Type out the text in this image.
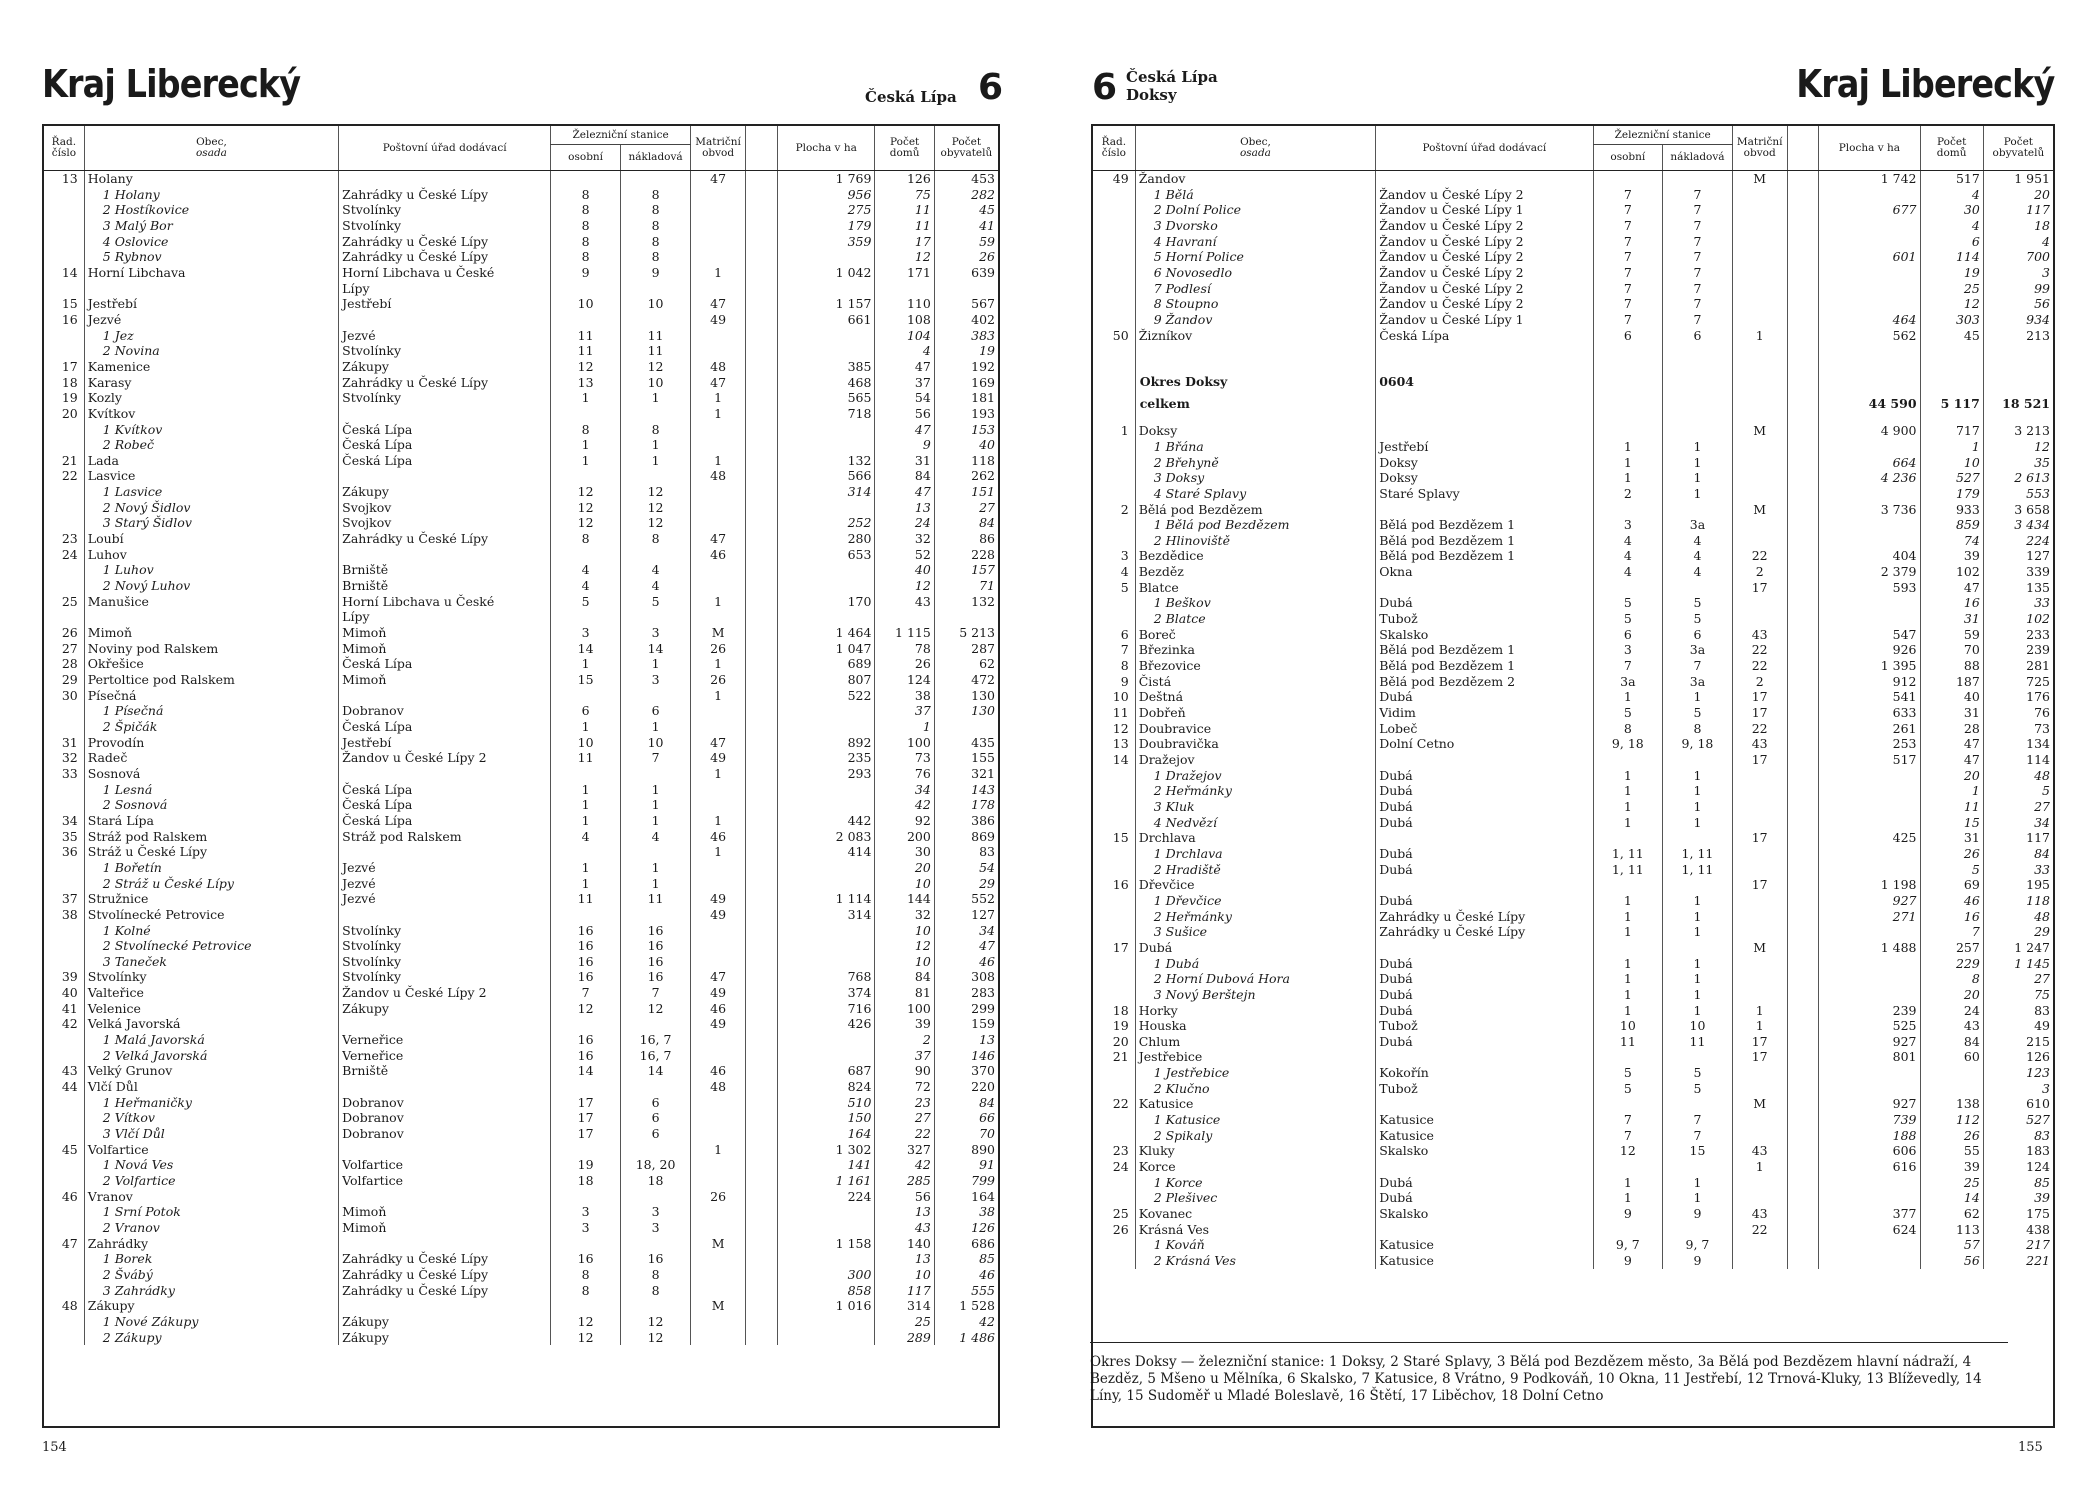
Kraj Liberecký	Česká Lípa 6
Řad. číslo	Obec,
osada	Poštovní úřad dodávací	Železniční stanice		Matriční obvod		Plocha v ha	Počet domů	Počet obyvatelů
			osobní	nákladová					
13	Holany				47		1 769	126	453
	1 Holany	Zahrádky u České Lípy	8	8			956	75	282
	2 Hostíkovice	Stvolínky	8	8			275	11	45
	3 Malý Bor	Stvolínky	8	8			179	11	41
	4 Oslovice	Zahrádky u České Lípy	8	8			359	17	59
	5 Rybnov	Zahrádky u České Lípy	8	8				12	26
14	Horní Libchava	Horní Libchava u České	9	9	1		1 042	171	639
		Lípy							
15	Jestřebí	Jestřebí	10	10	47		1 157	110	567
16	Jezvé				49		661	108	402
	1 Jez	Jezvé	11	11				104	383
	2 Novina	Stvolínky	11	11				4	19
17	Kamenice	Zákupy	12	12	48		385	47	192
18	Karasy	Zahrádky u České Lípy	13	10	47		468	37	169
19	Kozly	Stvolínky	1	1	1		565	54	181
20	Kvítkov				1		718	56	193
	1 Kvítkov	Česká Lípa	8	8				47	153
	2 Robeč	Česká Lípa	1	1				9	40
21	Lada	Česká Lípa	1	1	1		132	31	118
22	Lasvice				48		566	84	262
	1 Lasvice	Zákupy	12	12			314	47	151
	2 Nový Šidlov	Svojkov	12	12				13	27
	3 Starý Šidlov	Svojkov	12	12			252	24	84
23	Loubí	Zahrádky u České Lípy	8	8	47		280	32	86
24	Luhov				46		653	52	228
	1 Luhov	Brniště	4	4				40	157
	2 Nový Luhov	Brniště	4	4				12	71
25	Manušice	Horní Libchava u České	5	5	1		170	43	132
		Lípy							
26	Mimoň	Mimoň	3	3	M		1 464	1 115	5 213
27	Noviny pod Ralskem	Mimoň	14	14	26		1 047	78	287
28	Okřešice	Česká Lípa	1	1	1		689	26	62
29	Pertoltice pod Ralskem	Mimoň	15	3	26		807	124	472
30	Písečná				1		522	38	130
	1 Písečná	Dobranov	6	6				37	130
	2 Špičák	Česká Lípa	1	1				1	
31	Provodín	Jestřebí	10	10	47		892	100	435
32	Radeč	Žandov u České Lípy 2	11	7	49		235	73	155
33	Sosnová				1		293	76	321
	1 Lesná	Česká Lípa	1	1				34	143
	2 Sosnová	Česká Lípa	1	1				42	178
34	Stará Lípa	Česká Lípa	1	1	1		442	92	386
35	Stráž pod Ralskem	Stráž pod Ralskem	4	4	46		2 083	200	869
36	Stráž u České Lípy				1		414	30	83
	1 Bořetín	Jezvé	1	1				20	54
	2 Stráž u České Lípy	Jezvé	1	1				10	29
37	Stružnice	Jezvé	11	11	49		1 114	144	552
38	Stvolínecké Petrovice				49		314	32	127
	1 Kolné	Stvolínky	16	16				10	34
	2 Stvolínecké Petrovice	Stvolínky	16	16				12	47
	3 Taneček	Stvolínky	16	16				10	46
39	Stvolínky	Stvolínky	16	16	47		768	84	308
40	Valteřice	Žandov u České Lípy 2	7	7	49		374	81	283
41	Velenice	Zákupy	12	12	46		716	100	299
42	Velká Javorská				49		426	39	159
	1 Malá Javorská	Verneřice	16	16, 7				2	13
	2 Velká Javorská	Verneřice	16	16, 7				37	146
43	Velký Grunov	Brniště	14	14	46		687	90	370
44	Vlčí Důl				48		824	72	220
	1 Heřmaničky	Dobranov	17	6			510	23	84
	2 Vítkov	Dobranov	17	6			150	27	66
	3 Vlčí Důl	Dobranov	17	6			164	22	70
45	Volfartice				1		1 302	327	890
	1 Nová Ves	Volfartice	19	18, 20			141	42	91
	2 Volfartice	Volfartice	18	18			1 161	285	799
46	Vranov				26		224	56	164
	1 Srní Potok	Mimoň	3	3				13	38
	2 Vranov	Mimoň	3	3				43	126
47	Zahrádky				M		1 158	140	686
	1 Borek	Zahrádky u České Lípy	16	16				13	85
	2 Švábý	Zahrádky u České Lípy	8	8			300	10	46
	3 Zahrádky	Zahrádky u České Lípy	8	8			858	117	555
48	Zákupy				M		1 016	314	1 528
	1 Nové Zákupy	Zákupy	12	12				25	42
	2 Zákupy	Zákupy	12	12				289	1 486
154
6 Česká Lípa
Doksy	Kraj Liberecký
Řad. číslo	Obec,
osada	Poštovní úřad dodávací	Železniční stanice		Matriční obvod		Plocha v ha	Počet domů	Počet obyvatelů
			osobní	nákladová					
49	Žandov				M		1 742	517	1 951
	1 Bělá	Žandov u České Lípy 2	7	7				4	20
	2 Dolní Police	Žandov u České Lípy 1	7	7			677	30	117
	3 Dvorsko	Žandov u České Lípy 2	7	7				4	18
	4 Havraní	Žandov u České Lípy 2	7	7				6	4
	5 Horní Police	Žandov u České Lípy 2	7	7			601	114	700
	6 Novosedlo	Žandov u České Lípy 2	7	7				19	3
	7 Podlesí	Žandov u České Lípy 2	7	7				25	99
	8 Stoupno	Žandov u České Lípy 2	7	7				12	56
	9 Žandov	Žandov u České Lípy 1	7	7			464	303	934
50	Žizníkov	Česká Lípa	6	6	1		562	45	213

	Okres Doksy	0604							
	celkem						44 590	5 117	18 521

1	Doksy				M		4 900	717	3 213
	1 Břána	Jestřebí	1	1				1	12
	2 Břehyně	Doksy	1	1			664	10	35
	3 Doksy	Doksy	1	1			4 236	527	2 613
	4 Staré Splavy	Staré Splavy	2	1				179	553
2	Bělá pod Bezdězem				M		3 736	933	3 658
	1 Bělá pod Bezdězem	Bělá pod Bezdězem 1	3	3a				859	3 434
	2 Hlinoviště	Bělá pod Bezdězem 1	4	4				74	224
3	Bezdědice	Bělá pod Bezdězem 1	4	4	22		404	39	127
4	Bezděz	Okna	4	4	2		2 379	102	339
5	Blatce				17		593	47	135
	1 Beškov	Dubá	5	5				16	33
	2 Blatce	Tubož	5	5				31	102
6	Boreč	Skalsko	6	6	43		547	59	233
7	Březinka	Bělá pod Bezdězem 1	3	3a	22		926	70	239
8	Březovice	Bělá pod Bezdězem 1	7	7	22		1 395	88	281
9	Čistá	Bělá pod Bezdězem 2	3a	3a	2		912	187	725
10	Deštná	Dubá	1	1	17		541	40	176
11	Dobřeň	Vidim	5	5	17		633	31	76
12	Doubravice	Lobeč	8	8	22		261	28	73
13	Doubravička	Dolní Cetno	9, 18	9, 18	43		253	47	134
14	Dražejov				17		517	47	114
	1 Dražejov	Dubá	1	1				20	48
	2 Heřmánky	Dubá	1	1				1	5
	3 Kluk	Dubá	1	1				11	27
	4 Nedvězí	Dubá	1	1				15	34
15	Drchlava				17		425	31	117
	1 Drchlava	Dubá	1, 11	1, 11				26	84
	2 Hradiště	Dubá	1, 11	1, 11				5	33
16	Dřevčice				17		1 198	69	195
	1 Dřevčice	Dubá	1	1			927	46	118
	2 Heřmánky	Zahrádky u České Lípy	1	1			271	16	48
	3 Sušice	Zahrádky u České Lípy	1	1				7	29
17	Dubá				M		1 488	257	1 247
	1 Dubá	Dubá	1	1				229	1 145
	2 Horní Dubová Hora	Dubá	1	1				8	27
	3 Nový Berštejn	Dubá	1	1				20	75
18	Horky	Dubá	1	1	1		239	24	83
19	Houska	Tubož	10	10	1		525	43	49
20	Chlum	Dubá	11	11	17		927	84	215
21	Jestřebice				17		801	60	126
	1 Jestřebice	Kokořín	5	5					123
	2 Klučno	Tubož	5	5					3
22	Katusice				M		927	138	610
	1 Katusice	Katusice	7	7			739	112	527
	2 Spikaly	Katusice	7	7			188	26	83
23	Kluky	Skalsko	12	15	43		606	55	183
24	Korce				1		616	39	124
	1 Korce	Dubá	1	1				25	85
	2 Plešivec	Dubá	1	1				14	39
25	Kovanec	Skalsko	9	9	43		377	62	175
26	Krásná Ves				22		624	113	438
	1 Kováň	Katusice	9, 7	9, 7				57	217
	2 Krásná Ves	Katusice	9	9				56	221
155
Okres Doksy — železniční stanice: 1 Doksy, 2 Staré Splavy, 3 Bělá pod Bezdězem město, 3a Bělá pod Bezdězem hlavní nádraží, 4 Bezděz, 5 Mšeno u Mělníka, 6 Skalsko, 7 Katusice, 8 Vrátno, 9 Podkováň, 10 Okna, 11 Jestřebí, 12 Trnová-Kluky, 13 Blíževedly, 14 Líny, 15 Sudoměř u Mladé Boleslavě, 16 Štětí, 17 Liběchov, 18 Dolní Cetno
